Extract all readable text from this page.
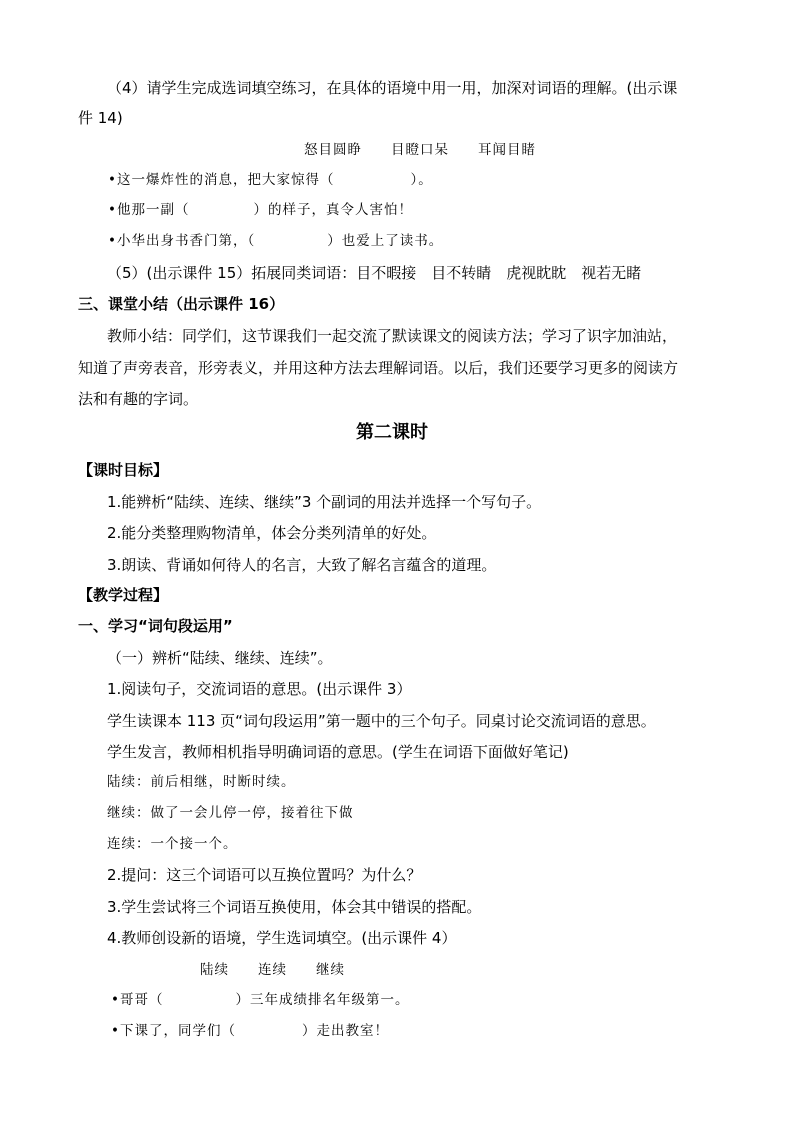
（4）请学生完成选词填空练习，在具体的语境中用一用，加深对词语的理解。(出示课
件 14)
怒目圆睁　　目瞪口呆　　耳闻目睹
•这一爆炸性的消息，把大家惊得（	）。
•他那一副（	）的样子，真令人害怕！
•小华出身书香门第，（	）也爱上了读书。
（5）(出示课件 15）拓展同类词语：目不暇接　目不转睛　虎视眈眈　视若无睹
三、课堂小结（出示课件 16）
教师小结：同学们，这节课我们一起交流了默读课文的阅读方法；学习了识字加油站，
知道了声旁表音，形旁表义，并用这种方法去理解词语。以后，我们还要学习更多的阅读方
法和有趣的字词。
第二课时
【课时目标】
1.能辨析“陆续、连续、继续”3 个副词的用法并选择一个写句子。
2.能分类整理购物清单，体会分类列清单的好处。
3.朗读、背诵如何待人的名言，大致了解名言蕴含的道理。
【教学过程】
一、学习“词句段运用”
（一）辨析“陆续、继续、连续”。
1.阅读句子，交流词语的意思。(出示课件 3）
学生读课本 113 页“词句段运用”第一题中的三个句子。同桌讨论交流词语的意思。
学生发言，教师相机指导明确词语的意思。(学生在词语下面做好笔记)
陆续：前后相继，时断时续。
继续：做了一会儿停一停，接着往下做
连续：一个接一个。
2.提问：这三个词语可以互换位置吗？为什么？
3.学生尝试将三个词语互换使用，体会其中错误的搭配。
4.教师创设新的语境，学生选词填空。(出示课件 4）
陆续　　连续　　继续
•哥哥（	）三年成绩排名年级第一。
•下课了，同学们（	）走出教室！
